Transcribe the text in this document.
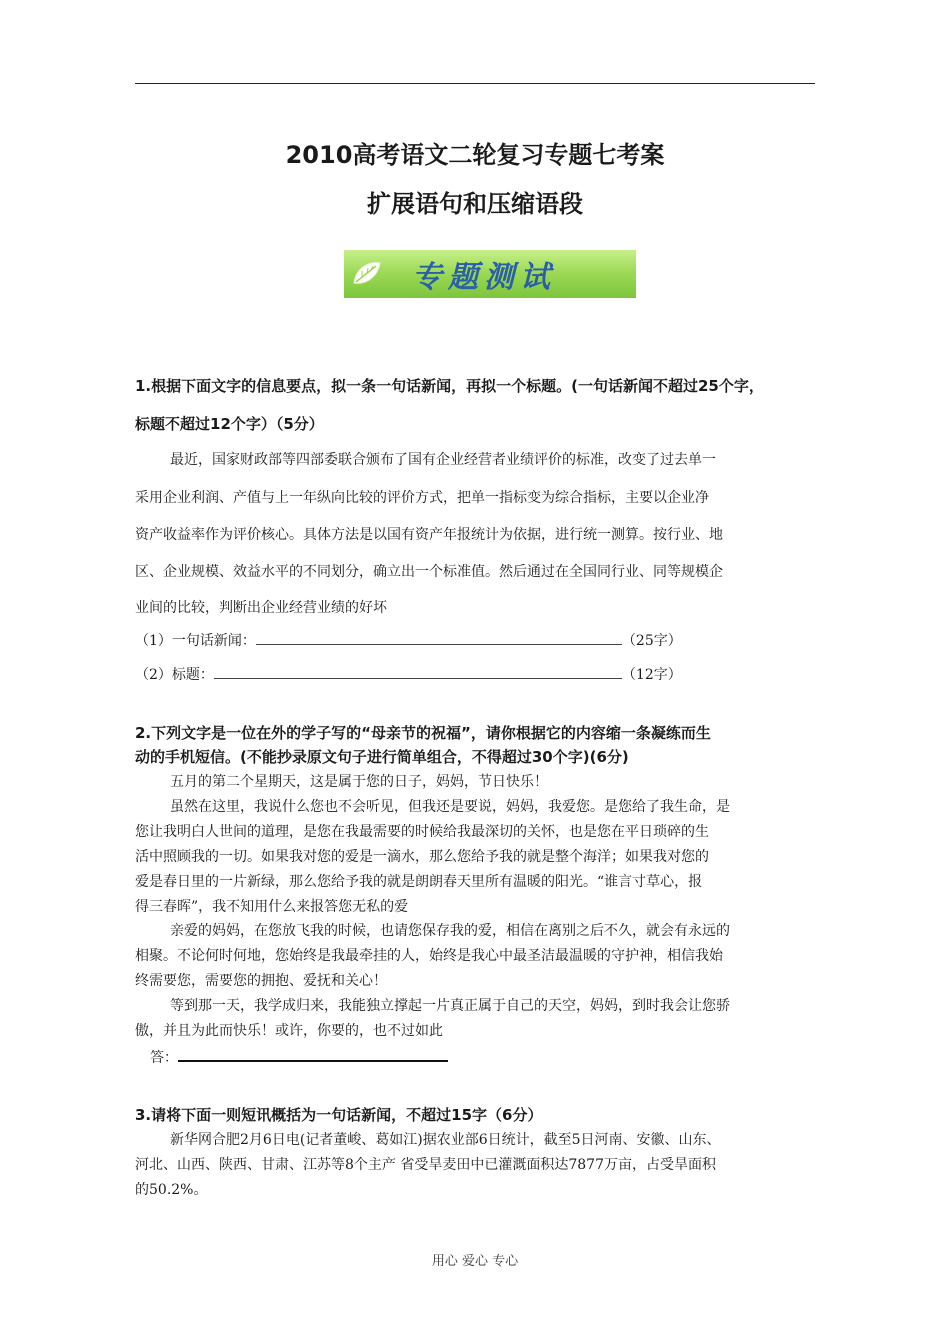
2010高考语文二轮复习专题七考案
扩展语句和压缩语段
专题测试
1.根据下面文字的信息要点，拟一条一句话新闻，再拟一个标题。(一句话新闻不超过25个字，
标题不超过12个字）（5分）
最近，国家财政部等四部委联合颁布了国有企业经营者业绩评价的标准，改变了过去单一
采用企业利润、产值与上一年纵向比较的评价方式，把单一指标变为综合指标，主要以企业净
资产收益率作为评价核心。具体方法是以国有资产年报统计为依据，进行统一测算。按行业、地
区、企业规模、效益水平的不同划分，确立出一个标准值。然后通过在全国同行业、同等规模企
业间的比较，判断出企业经营业绩的好坏
（1）一句话新闻：	（25字）
（2）标题：	（12字）
2.下列文字是一位在外的学子写的“母亲节的祝福”，请你根据它的内容缩一条凝练而生
动的手机短信。(不能抄录原文句子进行简单组合，不得超过30个字)(6分)
五月的第二个星期天，这是属于您的日子，妈妈，节日快乐！
虽然在这里，我说什么您也不会听见，但我还是要说，妈妈，我爱您。是您给了我生命，是
您让我明白人世间的道理，是您在我最需要的时候给我最深切的关怀，也是您在平日琐碎的生
活中照顾我的一切。如果我对您的爱是一滴水，那么您给予我的就是整个海洋；如果我对您的
爱是春日里的一片新绿，那么您给予我的就是朗朗春天里所有温暖的阳光。“谁言寸草心，报
得三春晖”，我不知用什么来报答您无私的爱
亲爱的妈妈，在您放飞我的时候，也请您保存我的爱，相信在离别之后不久，就会有永远的
相聚。不论何时何地，您始终是我最牵挂的人，始终是我心中最圣洁最温暖的守护神，相信我始
终需要您，需要您的拥抱、爱抚和关心！
等到那一天，我学成归来，我能独立撑起一片真正属于自己的天空，妈妈，到时我会让您骄
傲，并且为此而快乐！或许，你要的，也不过如此
答：
3.请将下面一则短讯概括为一句话新闻，不超过15字（6分）
新华网合肥2月6日电(记者董峻、葛如江)据农业部6日统计，截至5日河南、安徽、山东、
河北、山西、陕西、甘肃、江苏等8个主产 省受旱麦田中已灌溉面积达7877万亩，占受旱面积
的50.2%。
用心 爱心 专心
